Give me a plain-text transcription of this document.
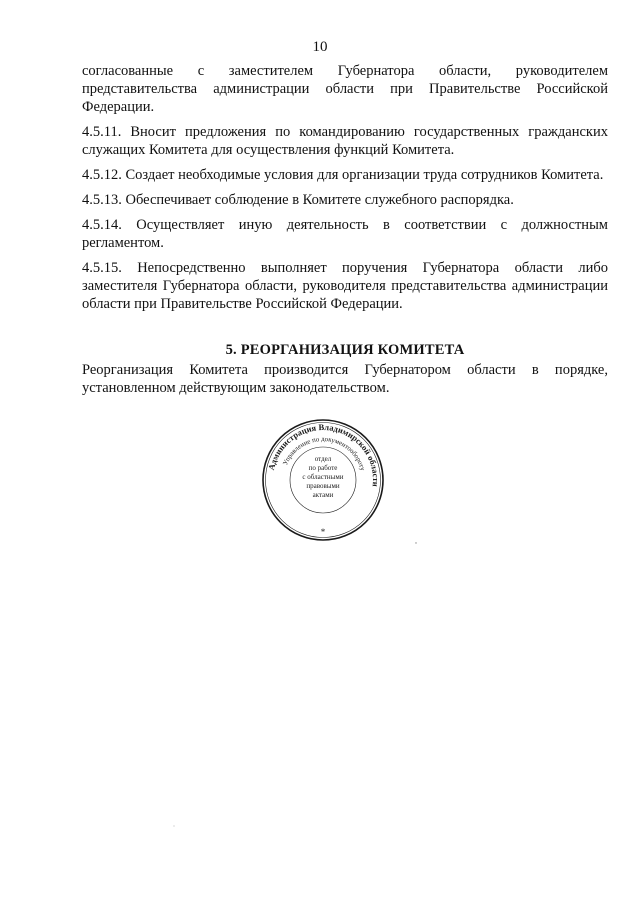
10

согласованные с заместителем Губернатора области, руководителем представительства администрации области при Правительстве Российской Федерации.

4.5.11. Вносит предложения по командированию государственных гражданских служащих Комитета для осуществления функций Комитета.

4.5.12. Создает необходимые условия для организации труда сотрудников Комитета.

4.5.13. Обеспечивает соблюдение в Комитете служебного распорядка.

4.5.14. Осуществляет иную деятельность в соответствии с должностным регламентом.

4.5.15. Непосредственно выполняет поручения Губернатора области либо заместителя Губернатора области, руководителя представительства администрации области при Правительстве Российской Федерации.

5. РЕОРГАНИЗАЦИЯ КОМИТЕТА

Реорганизация Комитета производится Губернатором области в порядке, установленном действующим законодательством.

Администрация Владимирской области
Управление по документообороту
отдел
по работе
с областными
правовыми
актами
*
